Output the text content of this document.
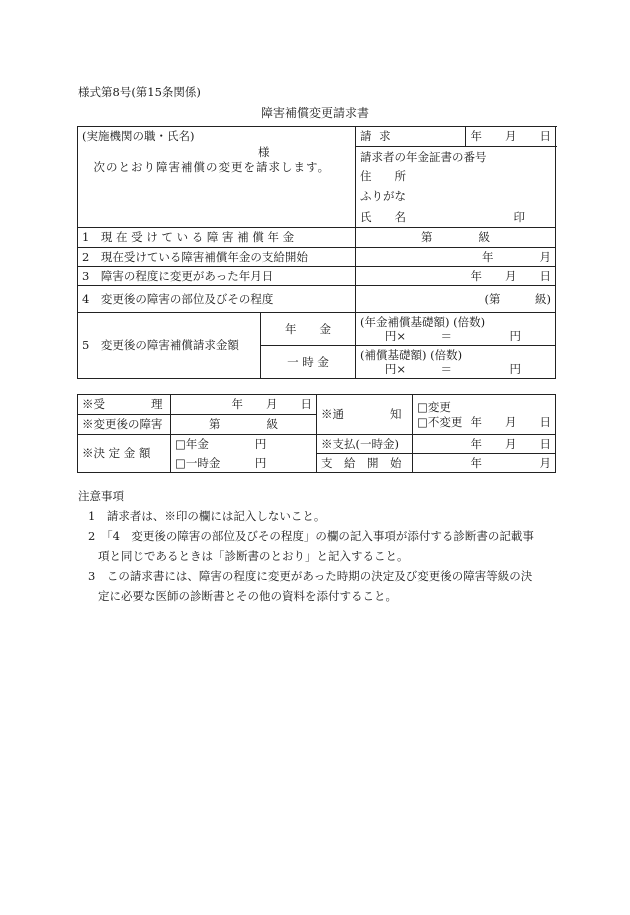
様式第8号(第15条関係)
障害補償変更請求書
(実施機関の職・氏名)
様
次のとおり障害補償の変更を請求します。		請 求	年　　月　　日	
		請求者の年金証書の番号	
		住　　所		
		ふりがな		
		氏　　名 印		

1　現 在 受 け て い る 障 害 補 償 年 金		第　　　　級		
2　現在受けている障害補償年金の支給開始		年　　　　月		
3　障害の程度に変更があった年月日		年　　月　　日		
4　変更後の障害の部位及びその程度		(第　　　級)		
5　変更後の障害補償請求金額	年　　金	(年金補償基礎額) (倍数)
円×　　　＝　　　　　円		

	一 時 金	(補償基礎額) (倍数)
円×　　　＝　　　　　円		
※受　　　　理	年　　月　　日	※通　　　　知	□変更
□不変更 年　　月　　日

※変更後の障害	第　　　　級		
※決 定 金 額	□年金　　　　円	※支払(一時金)	年　　月　　日
	□一時金　　　円	支　給　開　始	年　　　　　月

注意事項

1　請求者は、※印の欄には記入しないこと。

2　「4　変更後の障害の部位及びその程度」の欄の記入事項が添付する診断書の記載事

項と同じであるときは「診断書のとおり」と記入すること。

3　この請求書には、障害の程度に変更があった時期の決定及び変更後の障害等級の決

定に必要な医師の診断書とその他の資料を添付すること。
